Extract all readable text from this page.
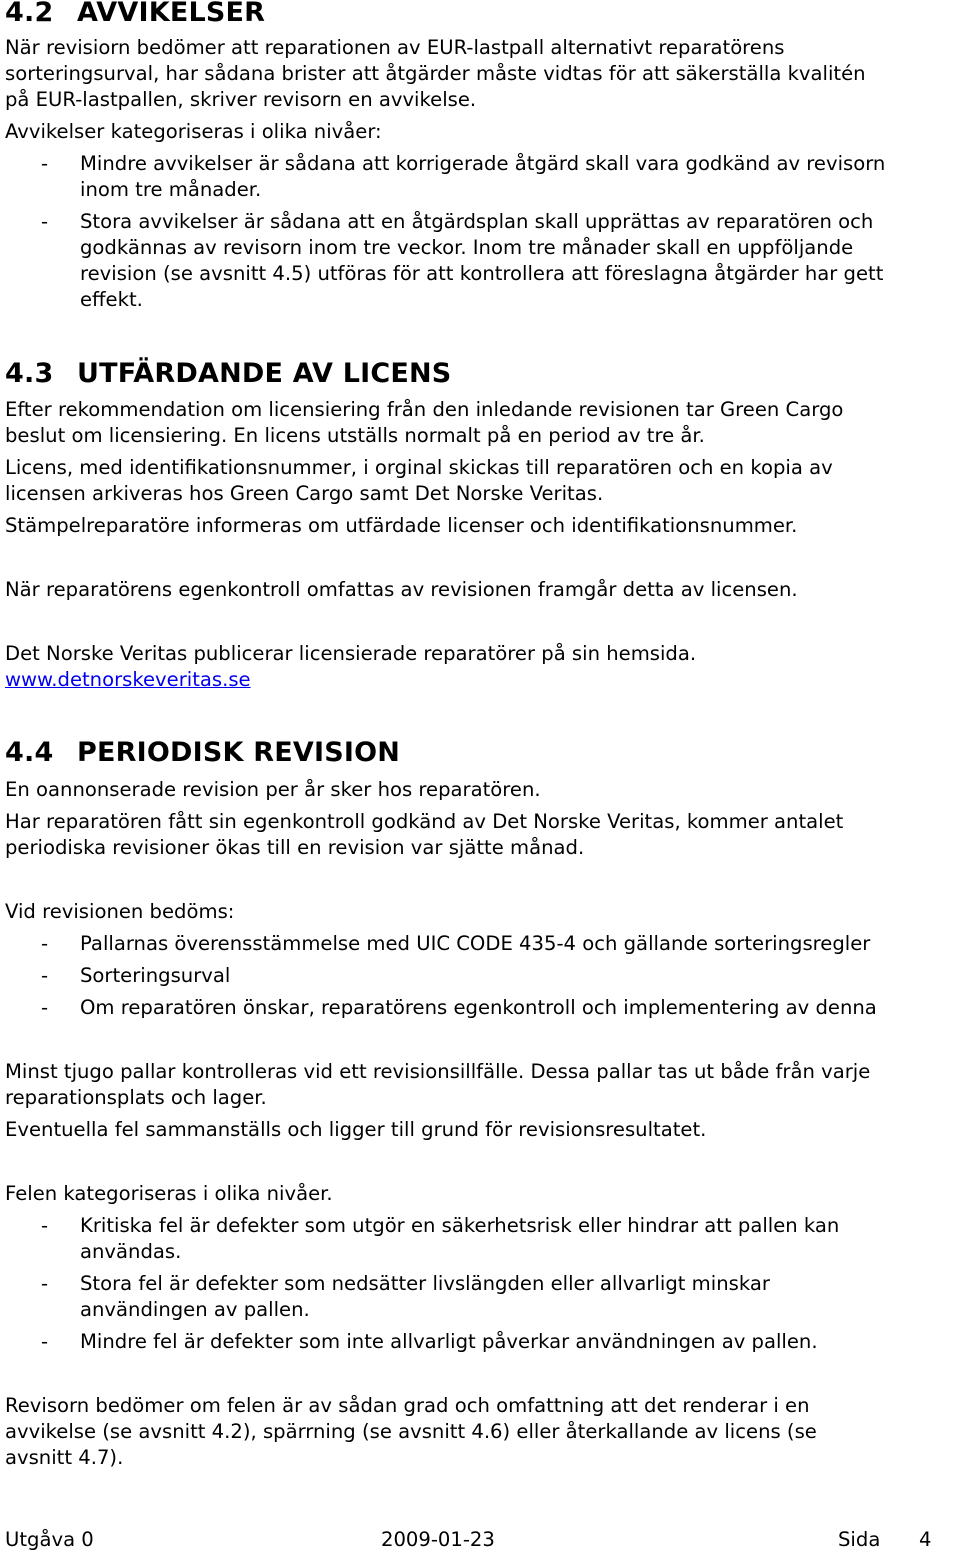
4.2 AVVIKELSER
När revisiorn bedömer att reparationen av EUR-lastpall alternativt reparatörens
sorteringsurval, har sådana brister att åtgärder måste vidtas för att säkerställa kvalitén
på EUR-lastpallen, skriver revisorn en avvikelse.
Avvikelser kategoriseras i olika nivåer:
- Mindre avvikelser är sådana att korrigerade åtgärd skall vara godkänd av revisorn
inom tre månader.
- Stora avvikelser är sådana att en åtgärdsplan skall upprättas av reparatören och
godkännas av revisorn inom tre veckor. Inom tre månader skall en uppföljande
revision (se avsnitt 4.5) utföras för att kontrollera att föreslagna åtgärder har gett
effekt.
4.3 UTFÄRDANDE AV LICENS
Efter rekommendation om licensiering från den inledande revisionen tar Green Cargo
beslut om licensiering. En licens utställs normalt på en period av tre år.
Licens, med identifikationsnummer, i orginal skickas till reparatören och en kopia av
licensen arkiveras hos Green Cargo samt Det Norske Veritas.
Stämpelreparatöre informeras om utfärdade licenser och identifikationsnummer.
När reparatörens egenkontroll omfattas av revisionen framgår detta av licensen.
Det Norske Veritas publicerar licensierade reparatörer på sin hemsida.
www.detnorskeveritas.se
4.4 PERIODISK REVISION
En oannonserade revision per år sker hos reparatören.
Har reparatören fått sin egenkontroll godkänd av Det Norske Veritas, kommer antalet
periodiska revisioner ökas till en revision var sjätte månad.
Vid revisionen bedöms:
- Pallarnas överensstämmelse med UIC CODE 435-4 och gällande sorteringsregler
- Sorteringsurval
- Om reparatören önskar, reparatörens egenkontroll och implementering av denna
Minst tjugo pallar kontrolleras vid ett revisionsillfälle. Dessa pallar tas ut både från varje
reparationsplats och lager.
Eventuella fel sammanställs och ligger till grund för revisionsresultatet.
Felen kategoriseras i olika nivåer.
- Kritiska fel är defekter som utgör en säkerhetsrisk eller hindrar att pallen kan
användas.
- Stora fel är defekter som nedsätter livslängden eller allvarligt minskar
användingen av pallen.
- Mindre fel är defekter som inte allvarligt påverkar användningen av pallen.
Revisorn bedömer om felen är av sådan grad och omfattning att det renderar i en
avvikelse (se avsnitt 4.2), spärrning (se avsnitt 4.6) eller återkallande av licens (se
avsnitt 4.7).
Utgåva 0	2009-01-23	Sida 4
